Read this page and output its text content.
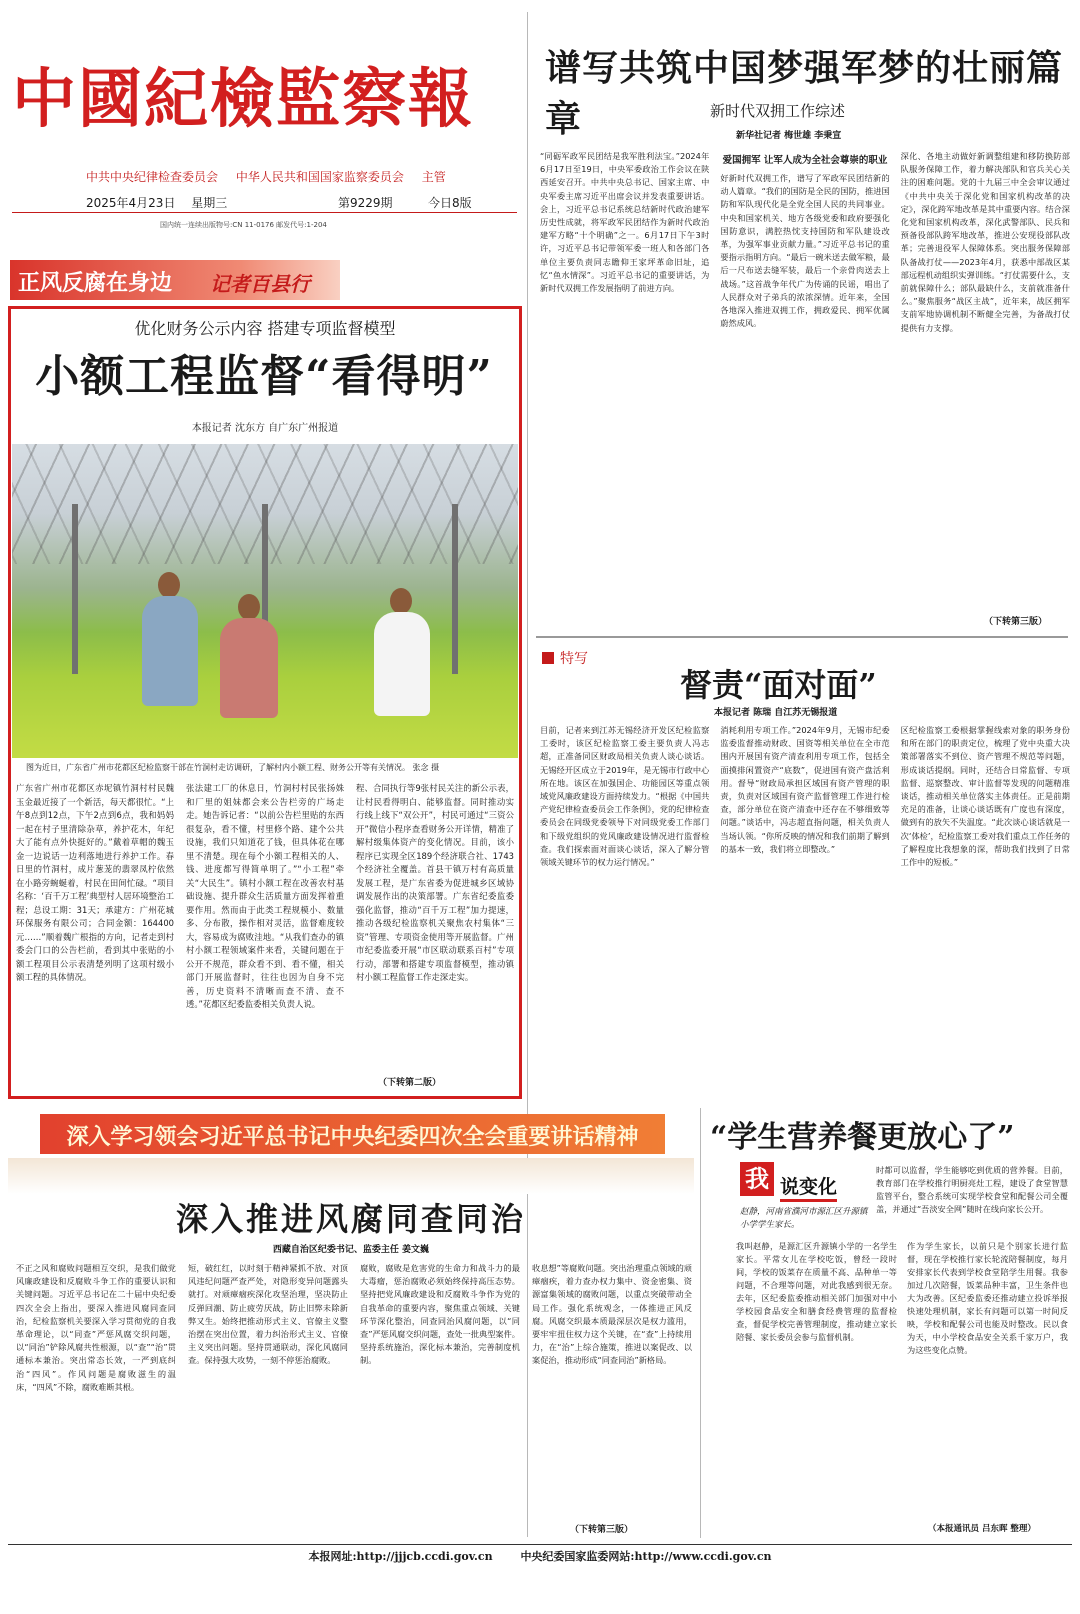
中國紀檢監察報
中共中央纪律检查委员会 中华人民共和国国家监察委员会 主管
2025年4月23日 星期三	第9229期	今日8版
国内统一连续出版物号:CN 11-0176 邮发代号:1-204
正风反腐在身边 记者百县行
优化财务公示内容 搭建专项监督模型
小额工程监督“看得明”
本报记者 沈东方 自广东广州报道
图为近日，广东省广州市花都区纪检监察干部在竹洞村走访调研，了解村内小额工程、财务公开等有关情况。 张念 摄

广东省广州市花都区赤坭镇竹洞村村民魏玉金最近接了一个新活，每天都很忙。“上午8点到12点，下午2点到6点，我和妈妈一起在村子里清除杂草，养护花木，年纪大了能有点外快挺好的。”戴着草帽的魏玉金一边说话一边利落地进行养护工作。春日里的竹洞村，成片葱茏的翡翠凤柠依然在小路旁蜿蜒着，村民在田间忙碌。“项目名称：‘百千万工程’典型村人居环境整治工程；总设工期：31天；承建方：广州花城环保服务有限公司；合同金额：164400元……”顺着魏广根指的方向，记者走到村委会门口的公告栏前，看到其中张贴的小额工程项目公示表清楚列明了这项村级小额工程的具体情况。

张法建工厂的休息日，竹洞村村民张扬姝和厂里的姐妹都会来公告栏旁的广场走走。她告诉记者：“以前公告栏里贴的东西很复杂，看不懂，村里修个路、建个公共设施，我们只知道花了钱，但具体花在哪里不清楚。现在每个小额工程相关的人、钱、进度都写得简单明了。”“小工程”牵关“大民生”。镇村小额工程在改善农村基础设施、提升群众生活质量方面发挥着重要作用。然而由于此类工程规模小、数量多、分布散，操作相对灵活，监督难度较大，容易成为腐败洼地。“从我们查办的镇村小额工程领域案件来看，关键问题在于公开不规范，群众看不到、看不懂，相关部门开展监督时，往往也因为自身不完善，历史资料不清晰而查不清、查不透。”花都区纪委监委相关负责人说。

程、合同执行等9张村民关注的新公示表，让村民看得明白、能够监督。同时推动实行线上线下“双公开”，村民可通过“三资公开”微信小程序查看财务公开详情，精准了解村级集体资产的变化情况。目前，该小程序已实现全区189个经济联合社、1743个经济社全覆盖。首县干镇万村有高质量发展工程，是广东省委为促进城乡区域协调发展作出的决策部署。广东省纪委监委强化监督，推动“百千万工程”加力提速，推动各级纪检监察机关聚焦农村集体“三资”管理、专项资金使用等开展监督。广州市纪委监委开展“市区联动联系百村”专项行动，部署和搭建专项监督模型，推动镇村小额工程监督工作走深走实。

（下转第二版）
谱写共筑中国梦强军梦的壮丽篇章	新时代双拥工作综述
新华社记者 梅世雄 李秉宣
“同砺军政军民团结是我军胜利法宝。”2024年6月17日至19日，中央军委政治工作会议在陕西延安召开。中共中央总书记、国家主席、中央军委主席习近平出席会议并发表重要讲话。会上，习近平总书记系统总结新时代政治建军历史性成就，将军政军民团结作为新时代政治建军方略“十个明确”之一。6月17日下午3时许，习近平总书记带领军委一班人和各部门各单位主要负责同志瞻仰王家坪革命旧址，追忆“鱼水情深”。习近平总书记的重要讲话，为新时代双拥工作发展指明了前进方向。
爱国拥军 让军人成为全社会尊崇的职业
好新时代双拥工作，谱写了军政军民团结新的动人篇章。“我们的国防是全民的国防，推进国防和军队现代化是全党全国人民的共同事业。中央和国家机关、地方各级党委和政府要强化国防意识，满腔热忱支持国防和军队建设改革，为强军事业贡献力量。”习近平总书记的重要指示指明方向。“最后一碗米送去做军粮，最后一尺布送去缝军装，最后一个亲骨肉送去上战场。”这首战争年代广为传诵的民谣，唱出了人民群众对子弟兵的浓浓深情。近年来，全国各地深入推进双拥工作，拥政爱民、拥军优属蔚然成风。
深化、各地主动做好新调整组建和移防换防部队服务保障工作，着力解决部队和官兵关心关注的困难问题。党的十九届三中全会审议通过《中共中央关于深化党和国家机构改革的决定》，深化跨军地改革是其中重要内容。结合深化党和国家机构改革，深化武警部队、民兵和预备役部队跨军地改革，推进公安现役部队改革；完善退役军人保障体系。突出服务保障部队备战打仗——2023年4月，获悉中部战区某部远程机动组织实弹训练。“打仗需要什么，支前就保障什么；部队最缺什么，支前就准备什么。”聚焦服务“战区主战”，近年来，战区拥军支前军地协调机制不断健全完善，为备战打仗提供有力支撑。
（下转第三版）
特写
督责“面对面”
本报记者 陈瑞 自江苏无锡报道

目前，记者来到江苏无锡经济开发区纪检监察工委时，该区纪检监察工委主要负责人冯志超，正准备同区财政局相关负责人谈心谈话。无锡经开区成立于2019年，是无锡市行政中心所在地。该区在加强国企、功能园区等重点领域党风廉政建设方面持续发力。“根据《中国共产党纪律检查委员会工作条例》，党的纪律检查委员会在同级党委领导下对同级党委工作部门和下级党组织的党风廉政建设情况进行监督检查。我们探索面对面谈心谈话，深入了解分管领域关键环节的权力运行情况。”

消耗利用专项工作。”2024年9月，无锡市纪委监委监督推动财政、国资等相关单位在全市范围内开展国有资产清查利用专项工作，包括全面摸排闲置资产“底数”，促进国有资产盘活利用。督导“财政局承担区域国有资产管理的职责，负责对区域国有资产监督管理工作进行检查，部分单位在资产清查中还存在不够细致等问题。”谈话中，冯志超直指问题，相关负责人当场认领。“你所反映的情况和我们前期了解到的基本一致，我们将立即整改。”

区纪检监察工委根据掌握线索对象的职务身份和所在部门的职责定位，梳理了党中央重大决策部署落实不到位、资产管理不规范等问题，形成谈话提纲。同时，还结合日常监督、专项监督、巡察整改、审计监督等发现的问题精准谈话，推动相关单位落实主体责任。正是前期充足的准备，让谈心谈话既有广度也有深度，做到有的放矢不失温度。“此次谈心谈话就是一次‘体检’，纪检监察工委对我们重点工作任务的了解程度比我想象的深，帮助我们找到了日常工作中的短板。”

深入学习领会习近平总书记中央纪委四次全会重要讲话精神
深入推进风腐同查同治
西藏自治区纪委书记、监委主任 姜文巍

不正之风和腐败问题相互交织，是我们做党风廉政建设和反腐败斗争工作的重要认识和关键问题。习近平总书记在二十届中央纪委四次全会上指出，要深入推进风腐同查同治，纪检监察机关要深入学习贯彻党的自我革命理论，以“同查”严惩风腐交织问题，以“同治”铲除风腐共性根源，以“查”“治”贯通标本兼治。突出常态长效，一严到底纠治“四风”。作风问题是腐败滋生的温床，“四风”不除，腐败难断其根。

短，破红红，以时刻于精神紧抓不放、对顶风违纪问题严查严处，对隐形变异问题露头就打。对顽瘴痼疾深化攻坚治理，坚决防止反弹回潮、防止疲劳厌战，防止旧弊未除新弊又生。始终把推动形式主义、官僚主义整治摆在突出位置，着力纠治形式主义、官僚主义突出问题。坚持贯通联动，深化风腐同查。保持强大攻势，一刻不停惩治腐败。

腐败，腐败是危害党的生命力和战斗力的最大毒瘤，惩治腐败必须始终保持高压态势。坚持把党风廉政建设和反腐败斗争作为党的自我革命的重要内容，聚焦重点领域、关键环节深化整治，同查同治风腐问题，以“同查”严惩风腐交织问题，查处一批典型案件。坚持系统施治，深化标本兼治，完善制度机制。

收息想”等腐败问题。突出治理重点领域的顽瘴痼疾，着力查办权力集中、资金密集、资源富集领域的腐败问题，以重点突破带动全局工作。强化系统观念，一体推进正风反腐。风腐交织最本质最深层次是权力滥用，要牢牢扭住权力这个关键，在“查”上持续用力，在“治”上综合施策，推进以案促改、以案促治，推动形成“同查同治”新格局。

（下转第三版）
“学生营养餐更放心了”
我 说变化
赵静，河南省濮河市源汇区升源镇小学学生家长。
时都可以监督，学生能够吃到优质的营养餐。目前，教育部门在学校推行明厨亮灶工程，建设了食堂智慧监管平台，整合系统可实现学校食堂和配餐公司全覆盖，并通过“吾淡安全网”随时在线向家长公开。

我叫赵静，是源汇区升源镇小学的一名学生家长。平常女儿在学校吃饭，曾经一段时间，学校的饭菜存在质量不高、品种单一等问题，不合理等问题，对此我感到很无奈。去年，区纪委监委推动相关部门加强对中小学校园食品安全和膳食经费管理的监督检查，督促学校完善管理制度，推动建立家长陪餐、家长委员会参与监督机制。

作为学生家长，以前只是个别家长进行监督，现在学校推行家长轮流陪餐制度，每月安排家长代表到学校食堂陪学生用餐。我参加过几次陪餐，饭菜品种丰富，卫生条件也大为改善。区纪委监委还推动建立投诉举报快速处理机制，家长有问题可以第一时间反映，学校和配餐公司也能及时整改。民以食为天，中小学校食品安全关系千家万户，我为这些变化点赞。

（本报通讯员 吕东晖 整理）
本报网址:http://jjjcb.ccdi.gov.cn	中央纪委国家监委网站:http://www.ccdi.gov.cn
